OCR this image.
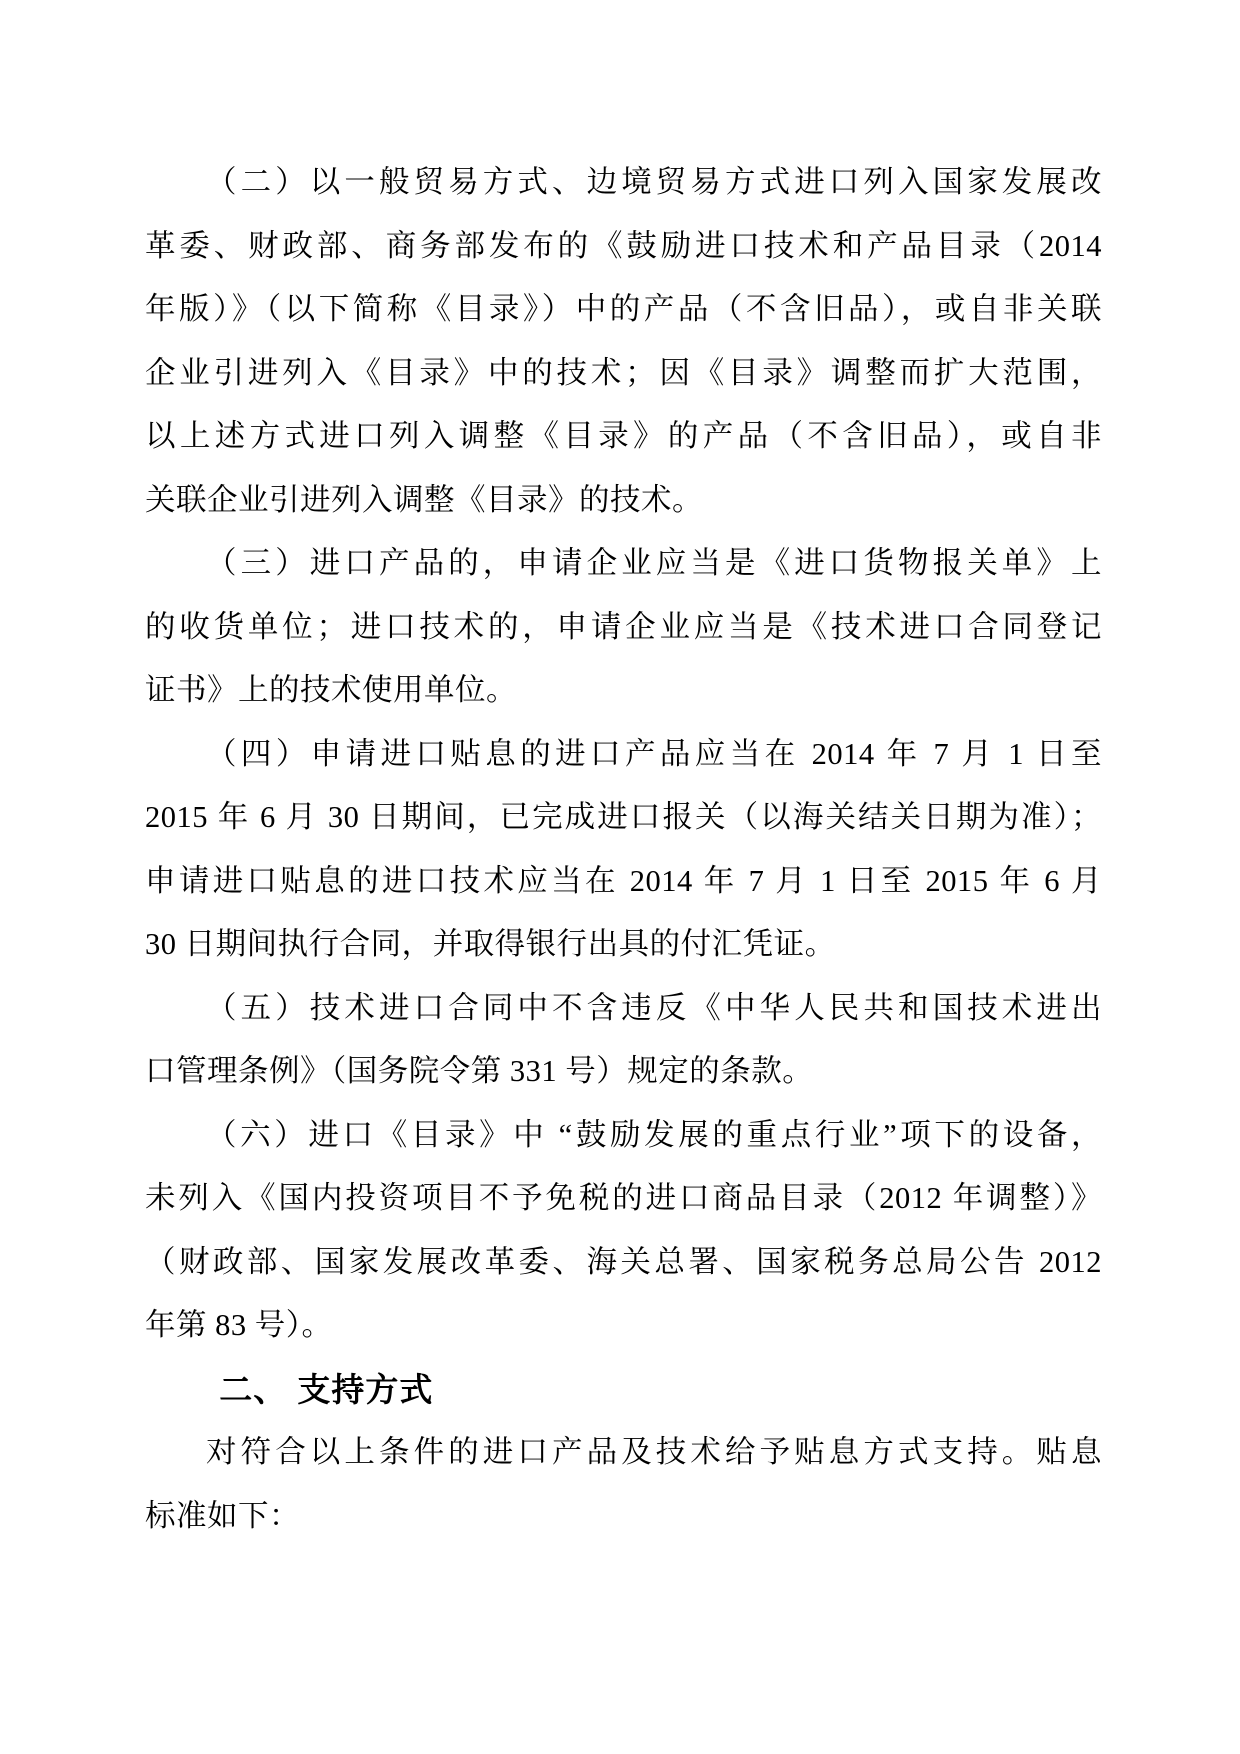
（二）以一般贸易方式、边境贸易方式进口列入国家发展改
革委、财政部、商务部发布的《鼓励进口技术和产品目录（2014
年版）》（以下简称《目录》）中的产品（不含旧品），或自非关联
企业引进列入《目录》中的技术；因《目录》调整而扩大范围，
以上述方式进口列入调整《目录》的产品（不含旧品），或自非
关联企业引进列入调整《目录》的技术。
（三）进口产品的，申请企业应当是《进口货物报关单》上
的收货单位；进口技术的，申请企业应当是《技术进口合同登记
证书》上的技术使用单位。
（四）申请进口贴息的进口产品应当在 2014 年 7 月 1 日至
2015 年 6 月 30 日期间，已完成进口报关（以海关结关日期为准）；
申请进口贴息的进口技术应当在 2014 年 7 月 1 日至 2015 年 6 月
30 日期间执行合同，并取得银行出具的付汇凭证。
（五）技术进口合同中不含违反《中华人民共和国技术进出
口管理条例》（国务院令第 331 号）规定的条款。
（六）进口《目录》中 “鼓励发展的重点行业”项下的设备，
未列入《国内投资项目不予免税的进口商品目录（2012 年调整）》
（财政部、国家发展改革委、海关总署、国家税务总局公告 2012
年第 83 号）。
二、 支持方式
对符合以上条件的进口产品及技术给予贴息方式支持。贴息
标准如下：
